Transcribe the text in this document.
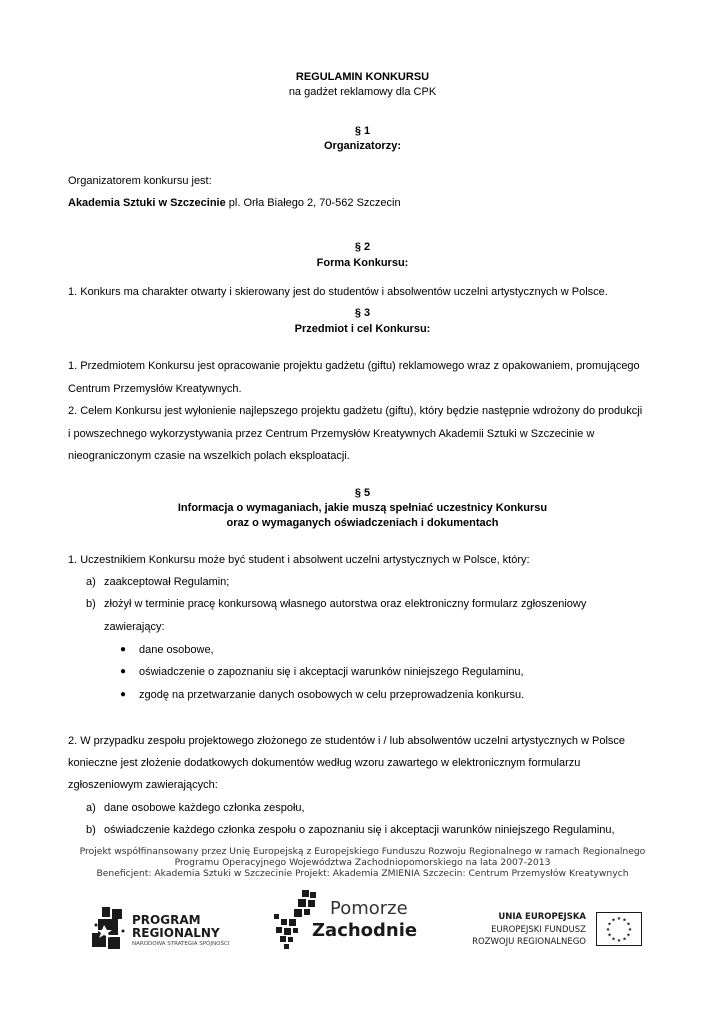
REGULAMIN KONKURSU
na gadżet reklamowy dla CPK
§ 1
Organizatorzy:
Organizatorem konkursu jest:
Akademia Sztuki w Szczecinie pl. Orła Białego 2, 70-562 Szczecin
§ 2
Forma Konkursu:
1. Konkurs ma charakter otwarty i skierowany jest do studentów i absolwentów uczelni artystycznych w Polsce.
§ 3
Przedmiot i cel Konkursu:
1. Przedmiotem Konkursu jest opracowanie projektu gadżetu (giftu) reklamowego wraz z opakowaniem, promującego
Centrum Przemysłów Kreatywnych.
2. Celem Konkursu jest wyłonienie najlepszego projektu gadżetu (giftu), który będzie następnie wdrożony do produkcji
i powszechnego wykorzystywania przez Centrum Przemysłów Kreatywnych Akademii Sztuki w Szczecinie w
nieograniczonym czasie na wszelkich polach eksploatacji.
§ 5
Informacja o wymaganiach, jakie muszą spełniać uczestnicy Konkursu
oraz o wymaganych oświadczeniach i dokumentach
1. Uczestnikiem Konkursu może być student i absolwent uczelni artystycznych w Polsce, który:
a) zaakceptował Regulamin;
b) złożył w terminie pracę konkursową własnego autorstwa oraz elektroniczny formularz zgłoszeniowy
zawierający:
● dane osobowe,
● oświadczenie o zapoznaniu się i akceptacji warunków niniejszego Regulaminu,
● zgodę na przetwarzanie danych osobowych w celu przeprowadzenia konkursu.
2. W przypadku zespołu projektowego złożonego ze studentów i / lub absolwentów uczelni artystycznych w Polsce
konieczne jest złożenie dodatkowych dokumentów według wzoru zawartego w elektronicznym formularzu
zgłoszeniowym zawierających:
a) dane osobowe każdego członka zespołu,
b) oświadczenie każdego członka zespołu o zapoznaniu się i akceptacji warunków niniejszego Regulaminu,
Projekt współfinansowany przez Unię Europejską z Europejskiego Funduszu Rozwoju Regionalnego w ramach Regionalnego
Programu Operacyjnego Województwa Zachodniopomorskiego na lata 2007-2013
Beneficjent: Akademia Sztuki w Szczecinie Projekt: Akademia ZMIENIA Szczecin: Centrum Przemysłów Kreatywnych
PROGRAM
REGIONALNY
NARODOWA STRATEGIA SPÓJNOŚCI
Pomorze
Zachodnie
UNIA EUROPEJSKA
EUROPEJSKI FUNDUSZ
ROZWOJU REGIONALNEGO
★ ★
★
★
★
★
★
★
★
★
★
★
